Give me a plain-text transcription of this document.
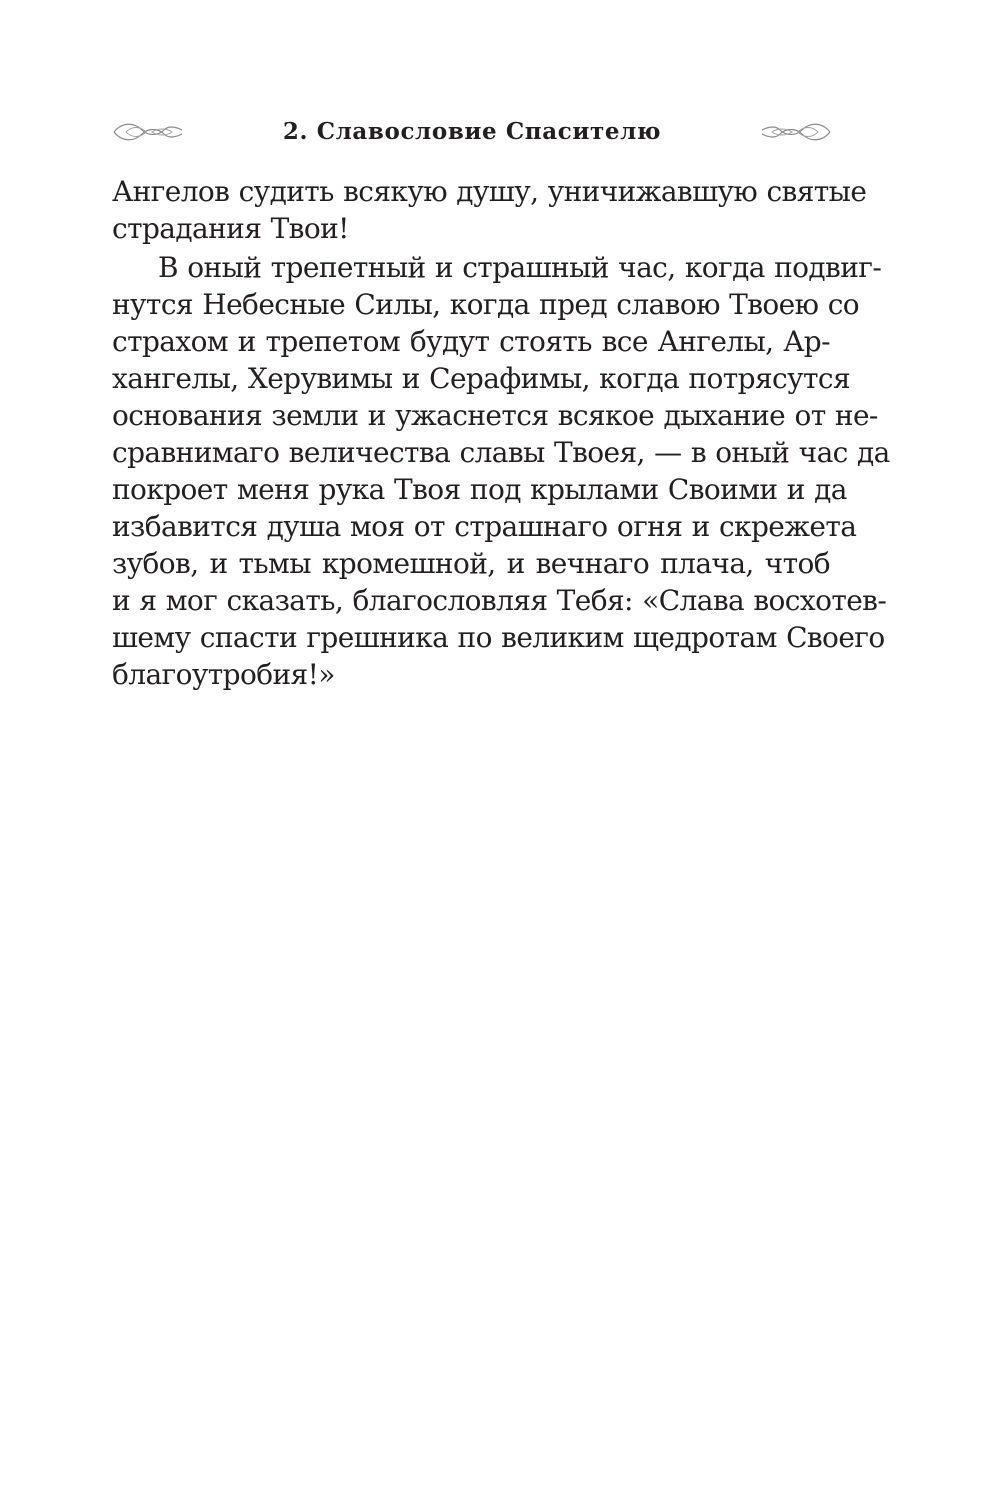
2. Славословие Спасителю
Ангелов судить всякую душу, уничижавшую святые
страдания Твои!
В оный трепетный и страшный час, когда подвиг-
нутся Небесные Силы, когда пред славою Твоею со
страхом и трепетом будут стоять все Ангелы, Ар-
хангелы, Херувимы и Серафимы, когда потрясутся
основания земли и ужаснется всякое дыхание от не-
сравнимаго величества славы Твоея, — в оный час да
покроет меня рука Твоя под крылами Своими и да
избавится душа моя от страшнаго огня и скрежета
зубов, и тьмы кромешной, и вечнаго плача, чтоб
и я мог сказать, благословляя Тебя: «Слава восхотев-
шему спасти грешника по великим щедротам Своего
благоутробия!»
